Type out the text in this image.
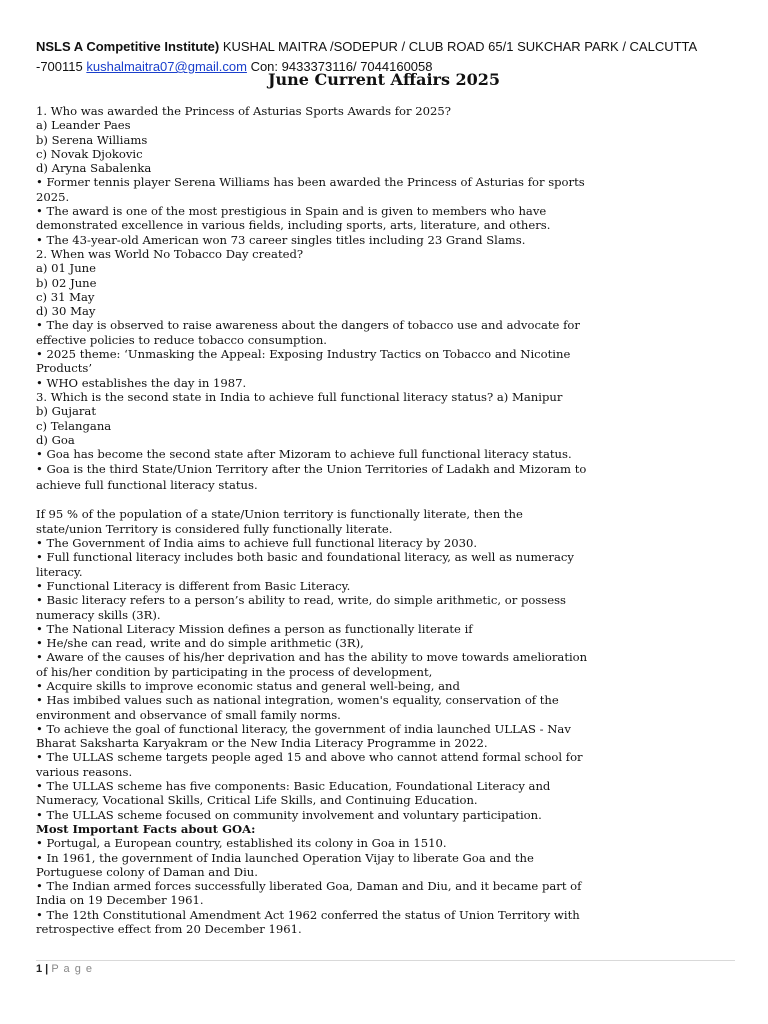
NSLS A Competitive Institute) KUSHAL MAITRA /SODEPUR / CLUB ROAD 65/1 SUKCHAR PARK / CALCUTTA -700115 kushalmaitra07@gmail.com Con: 9433373116/ 7044160058
June Current Affairs 2025
1. Who was awarded the Princess of Asturias Sports Awards for 2025?
a) Leander Paes
b) Serena Williams
c) Novak Djokovic
d) Aryna Sabalenka
• Former tennis player Serena Williams has been awarded the Princess of Asturias for sports
2025.
• The award is one of the most prestigious in Spain and is given to members who have
demonstrated excellence in various fields, including sports, arts, literature, and others.
• The 43-year-old American won 73 career singles titles including 23 Grand Slams.
2. When was World No Tobacco Day created?
a) 01 June
b) 02 June
c) 31 May
d) 30 May
• The day is observed to raise awareness about the dangers of tobacco use and advocate for
effective policies to reduce tobacco consumption.
• 2025 theme: ‘Unmasking the Appeal: Exposing Industry Tactics on Tobacco and Nicotine
Products’
• WHO establishes the day in 1987.
3. Which is the second state in India to achieve full functional literacy status? a) Manipur
b) Gujarat
c) Telangana
d) Goa
• Goa has become the second state after Mizoram to achieve full functional literacy status.
• Goa is the third State/Union Territory after the Union Territories of Ladakh and Mizoram to
achieve full functional literacy status.
If 95 % of the population of a state/Union territory is functionally literate, then the
state/union Territory is considered fully functionally literate.
• The Government of India aims to achieve full functional literacy by 2030.
• Full functional literacy includes both basic and foundational literacy, as well as numeracy
literacy.
• Functional Literacy is different from Basic Literacy.
• Basic literacy refers to a person’s ability to read, write, do simple arithmetic, or possess
numeracy skills (3R).
• The National Literacy Mission defines a person as functionally literate if
• He/she can read, write and do simple arithmetic (3R),
• Aware of the causes of his/her deprivation and has the ability to move towards amelioration
of his/her condition by participating in the process of development,
• Acquire skills to improve economic status and general well-being, and
• Has imbibed values such as national integration, women's equality, conservation of the
environment and observance of small family norms.
• To achieve the goal of functional literacy, the government of india launched ULLAS - Nav
Bharat Saksharta Karyakram or the New India Literacy Programme in 2022.
• The ULLAS scheme targets people aged 15 and above who cannot attend formal school for
various reasons.
• The ULLAS scheme has five components: Basic Education, Foundational Literacy and
Numeracy, Vocational Skills, Critical Life Skills, and Continuing Education.
• The ULLAS scheme focused on community involvement and voluntary participation.
Most Important Facts about GOA:
• Portugal, a European country, established its colony in Goa in 1510.
• In 1961, the government of India launched Operation Vijay to liberate Goa and the
Portuguese colony of Daman and Diu.
• The Indian armed forces successfully liberated Goa, Daman and Diu, and it became part of
India on 19 December 1961.
• The 12th Constitutional Amendment Act 1962 conferred the status of Union Territory with
retrospective effect from 20 December 1961.
1 | P a g e
